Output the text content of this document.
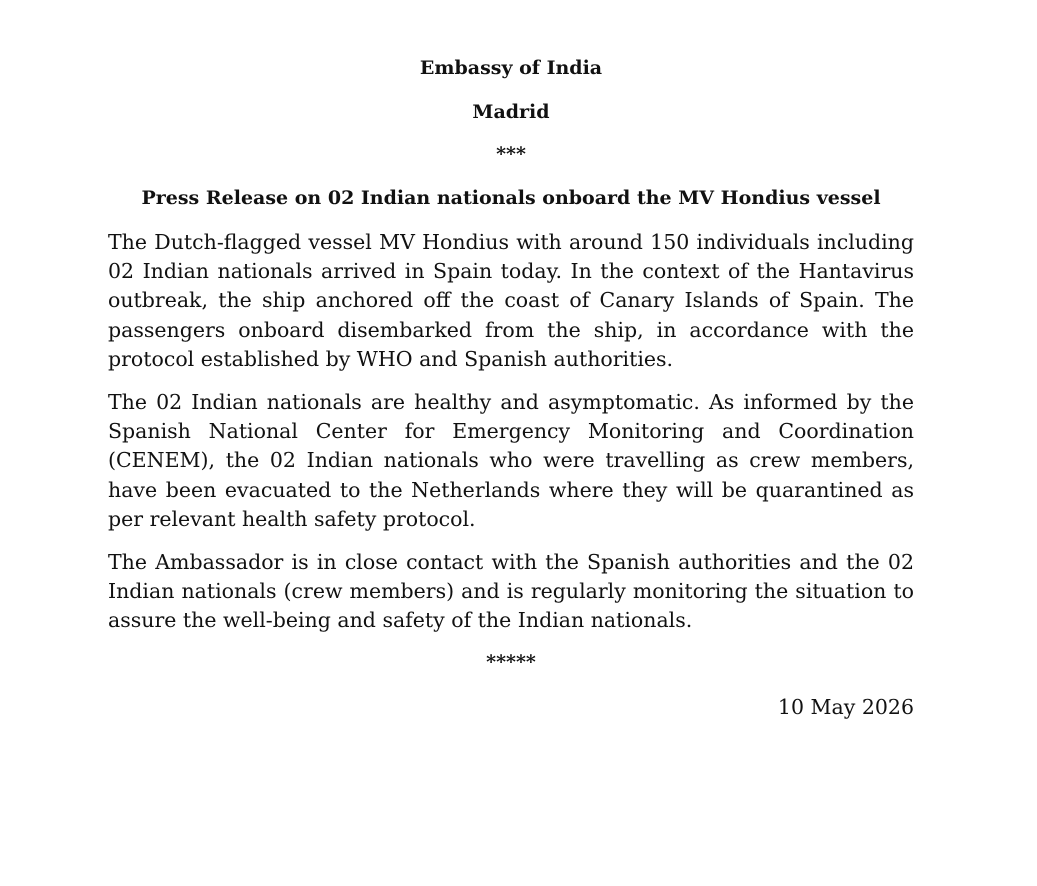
Embassy of India

Madrid

***

Press Release on 02 Indian nationals onboard the MV Hondius vessel

The Dutch-flagged vessel MV Hondius with around 150 individuals including 02 Indian nationals arrived in Spain today. In the context of the Hantavirus outbreak, the ship anchored off the coast of Canary Islands of Spain. The passengers onboard disembarked from the ship, in accordance with the protocol established by WHO and Spanish authorities.

The 02 Indian nationals are healthy and asymptomatic. As informed by the Spanish National Center for Emergency Monitoring and Coordination (CENEM), the 02 Indian nationals who were travelling as crew members, have been evacuated to the Netherlands where they will be quarantined as per relevant health safety protocol.

The Ambassador is in close contact with the Spanish authorities and the 02 Indian nationals (crew members) and is regularly monitoring the situation to assure the well-being and safety of the Indian nationals.

*****

10 May 2026
